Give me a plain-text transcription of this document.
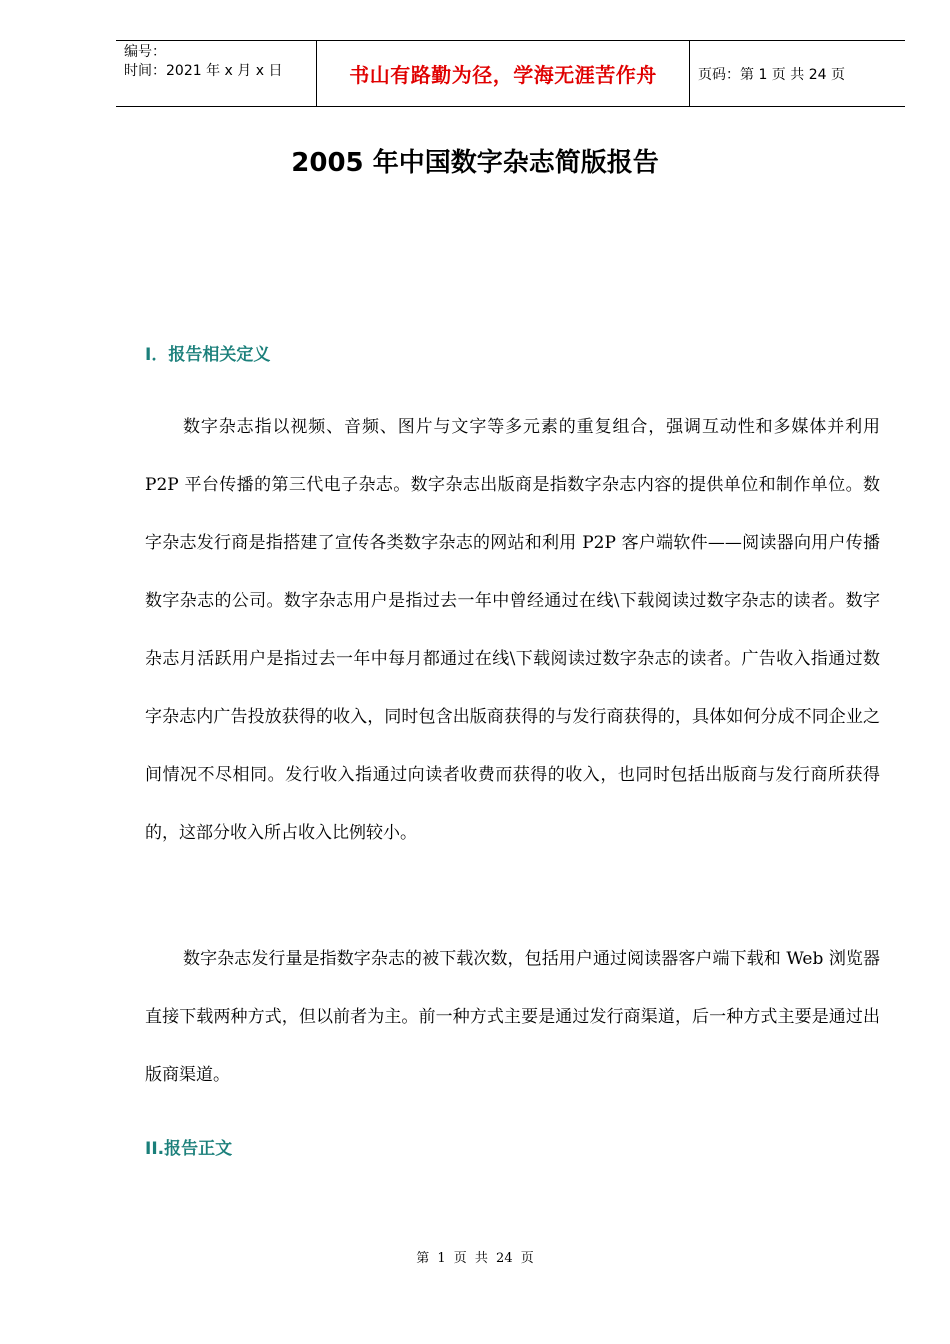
编号：
时间：2021 年 x 月 x 日	书山有路勤为径，学海无涯苦作舟	页码：第 1 页 共 24 页
2005 年中国数字杂志简版报告
I．报告相关定义

数字杂志指以视频、音频、图片与文字等多元素的重复组合，强调互动性和多媒体并利用 P2P 平台传播的第三代电子杂志。数字杂志出版商是指数字杂志内容的提供单位和制作单位。数字杂志发行商是指搭建了宣传各类数字杂志的网站和利用 P2P 客户端软件——阅读器向用户传播数字杂志的公司。数字杂志用户是指过去一年中曾经通过在线\下载阅读过数字杂志的读者。数字杂志月活跃用户是指过去一年中每月都通过在线\下载阅读过数字杂志的读者。广告收入指通过数字杂志内广告投放获得的收入，同时包含出版商获得的与发行商获得的，具体如何分成不同企业之间情况不尽相同。发行收入指通过向读者收费而获得的收入，也同时包括出版商与发行商所获得的，这部分收入所占收入比例较小。

数字杂志发行量是指数字杂志的被下载次数，包括用户通过阅读器客户端下载和 Web 浏览器直接下载两种方式，但以前者为主。前一种方式主要是通过发行商渠道，后一种方式主要是通过出版商渠道。

II.报告正文
第 1 页 共 24 页
